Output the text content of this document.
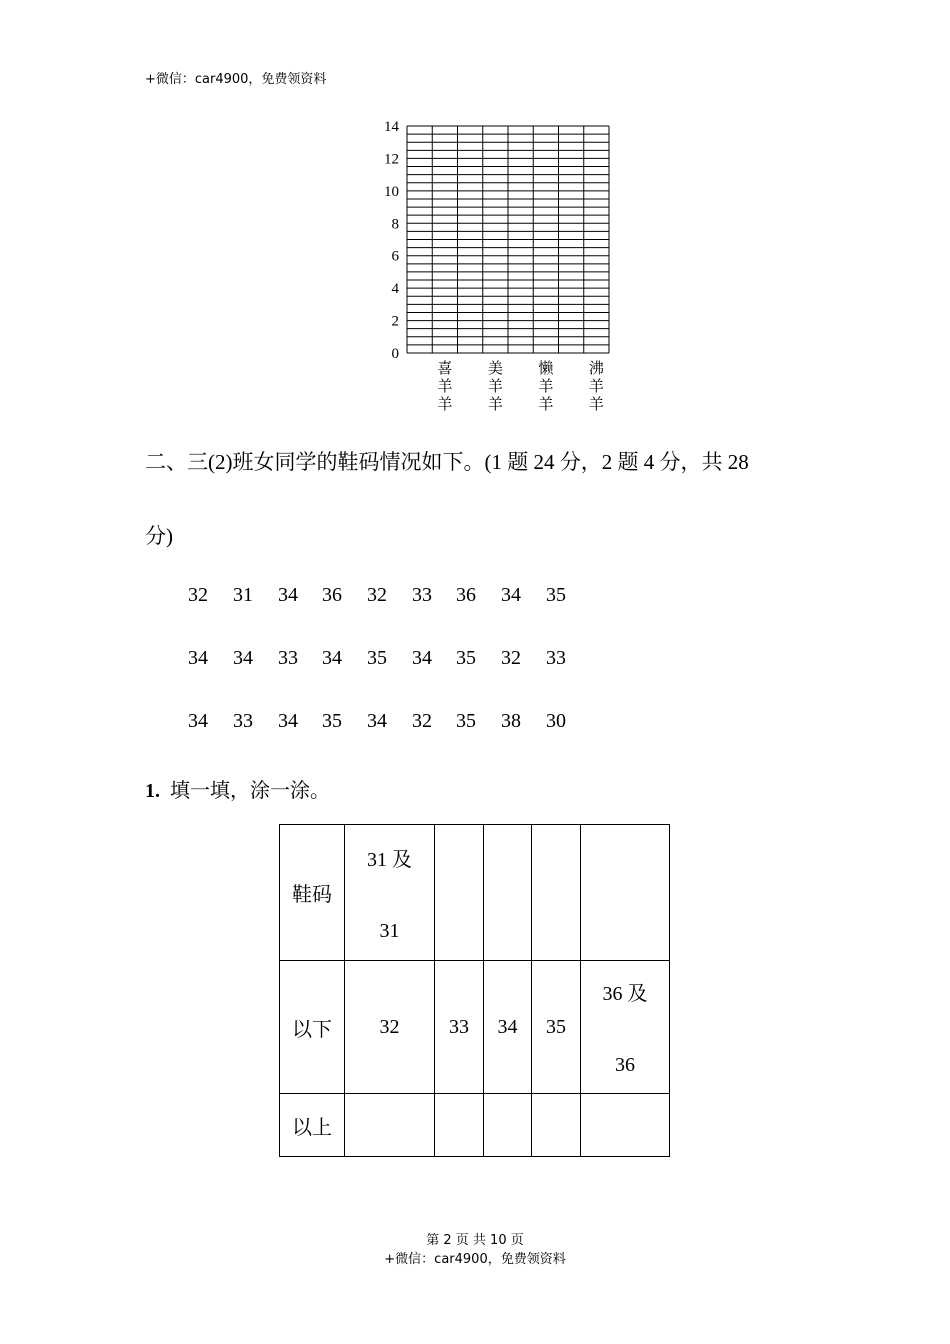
+微信：car4900，免费领资料
0
2
4
6
8
10
12
14
喜羊羊
美羊羊
懒羊羊
沸羊羊
二、三(2)班女同学的鞋码情况如下。(1 题 24 分，2 题 4 分，共 28
分)
32 31 34 36 32 33 36 34 35
34 34 33 34 35 34 35 32 33
34 33 34 35 34 32 35 38 30
1. 填一填，涂一涂。
鞋码	31 及
31				

以下	32	33	34	35	36 及
36

以上					
第 2 页 共 10 页
+微信：car4900，免费领资料
